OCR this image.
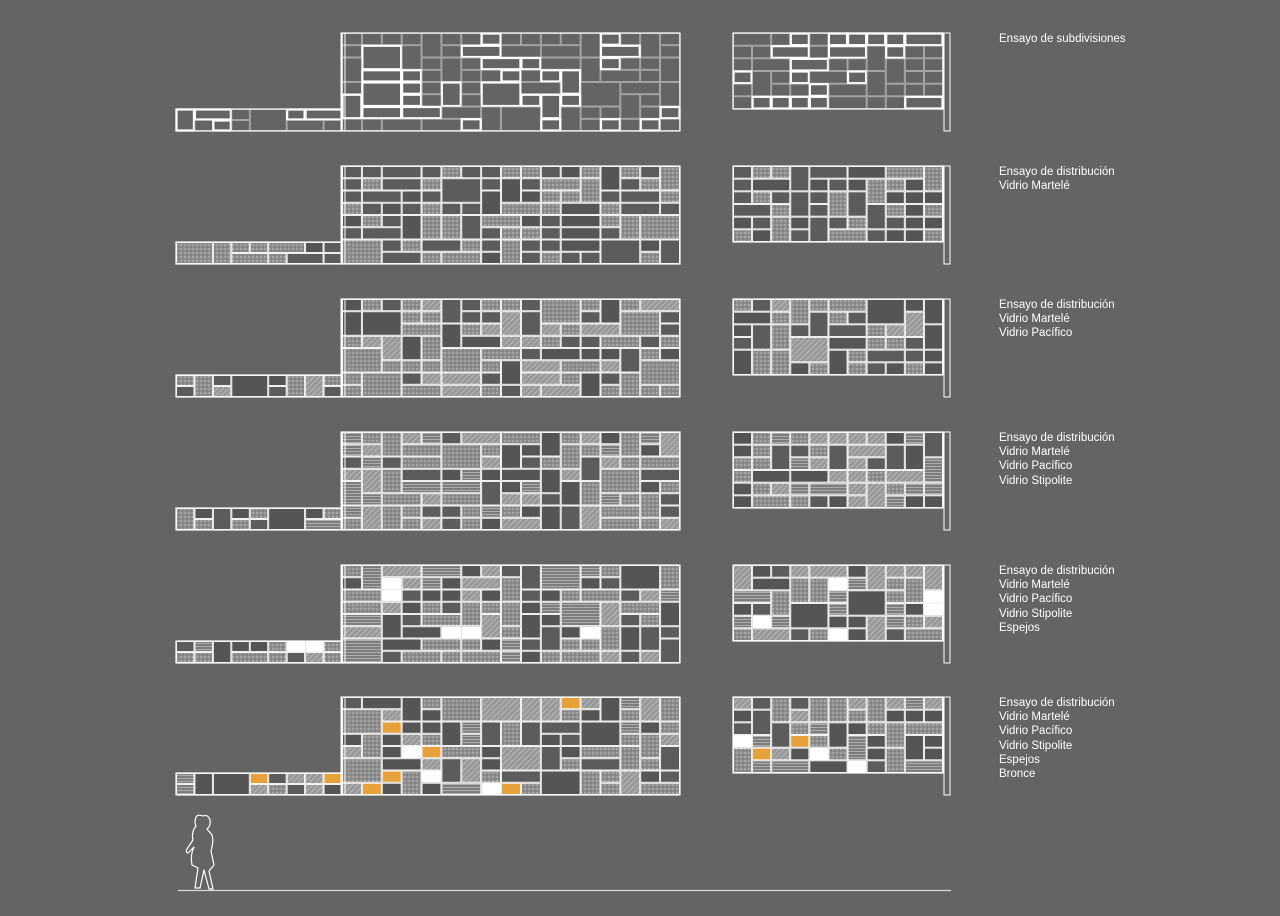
Ensayo de subdivisiones
Ensayo de distribución
Vidrio Martelé
Ensayo de distribución
Vidrio Martelé
Vidrio Pacífico
Ensayo de distribución
Vidrio Martelé
Vidrio Pacífico
Vidrio Stipolite
Ensayo de distribución
Vidrio Martelé
Vidrio Pacífico
Vidrio Stipolite
Espejos
Ensayo de distribución
Vidrio Martelé
Vidrio Pacífico
Vidrio Stipolite
Espejos
Bronce
